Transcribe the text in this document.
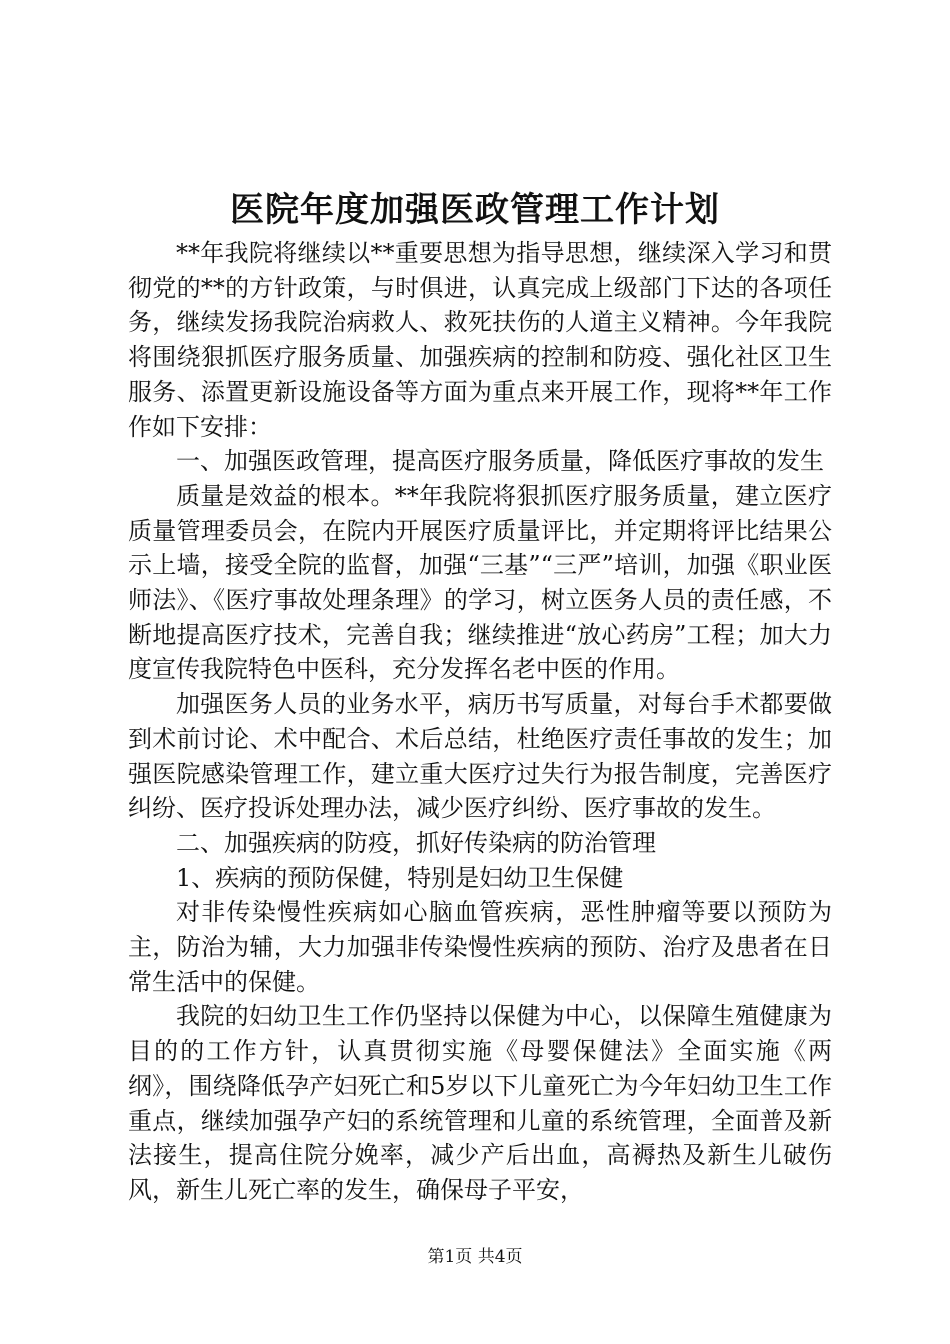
医院年度加强医政管理工作计划

**年我院将继续以**重要思想为指导思想，继续深入学习和贯彻党的**的方针政策，与时俱进，认真完成上级部门下达的各项任务，继续发扬我院治病救人、救死扶伤的人道主义精神。今年我院将围绕狠抓医疗服务质量、加强疾病的控制和防疫、强化社区卫生服务、添置更新设施设备等方面为重点来开展工作，现将**年工作作如下安排：

一、加强医政管理，提高医疗服务质量，降低医疗事故的发生

质量是效益的根本。**年我院将狠抓医疗服务质量，建立医疗质量管理委员会，在院内开展医疗质量评比，并定期将评比结果公示上墙，接受全院的监督，加强“三基”“三严”培训，加强《职业医师法》、《医疗事故处理条理》的学习，树立医务人员的责任感，不断地提高医疗技术，完善自我；继续推进“放心药房”工程；加大力度宣传我院特色中医科，充分发挥名老中医的作用。

加强医务人员的业务水平，病历书写质量，对每台手术都要做到术前讨论、术中配合、术后总结，杜绝医疗责任事故的发生；加强医院感染管理工作，建立重大医疗过失行为报告制度，完善医疗纠纷、医疗投诉处理办法，减少医疗纠纷、医疗事故的发生。

二、加强疾病的防疫，抓好传染病的防治管理

1、疾病的预防保健，特别是妇幼卫生保健

对非传染慢性疾病如心脑血管疾病，恶性肿瘤等要以预防为主，防治为辅，大力加强非传染慢性疾病的预防、治疗及患者在日常生活中的保健。

我院的妇幼卫生工作仍坚持以保健为中心，以保障生殖健康为目的的工作方针，认真贯彻实施《母婴保健法》全面实施《两纲》，围绕降低孕产妇死亡和5岁以下儿童死亡为今年妇幼卫生工作重点，继续加强孕产妇的系统管理和儿童的系统管理，全面普及新法接生，提高住院分娩率，减少产后出血，高褥热及新生儿破伤风，新生儿死亡率的发生，确保母子平安，

第1页 共4页
